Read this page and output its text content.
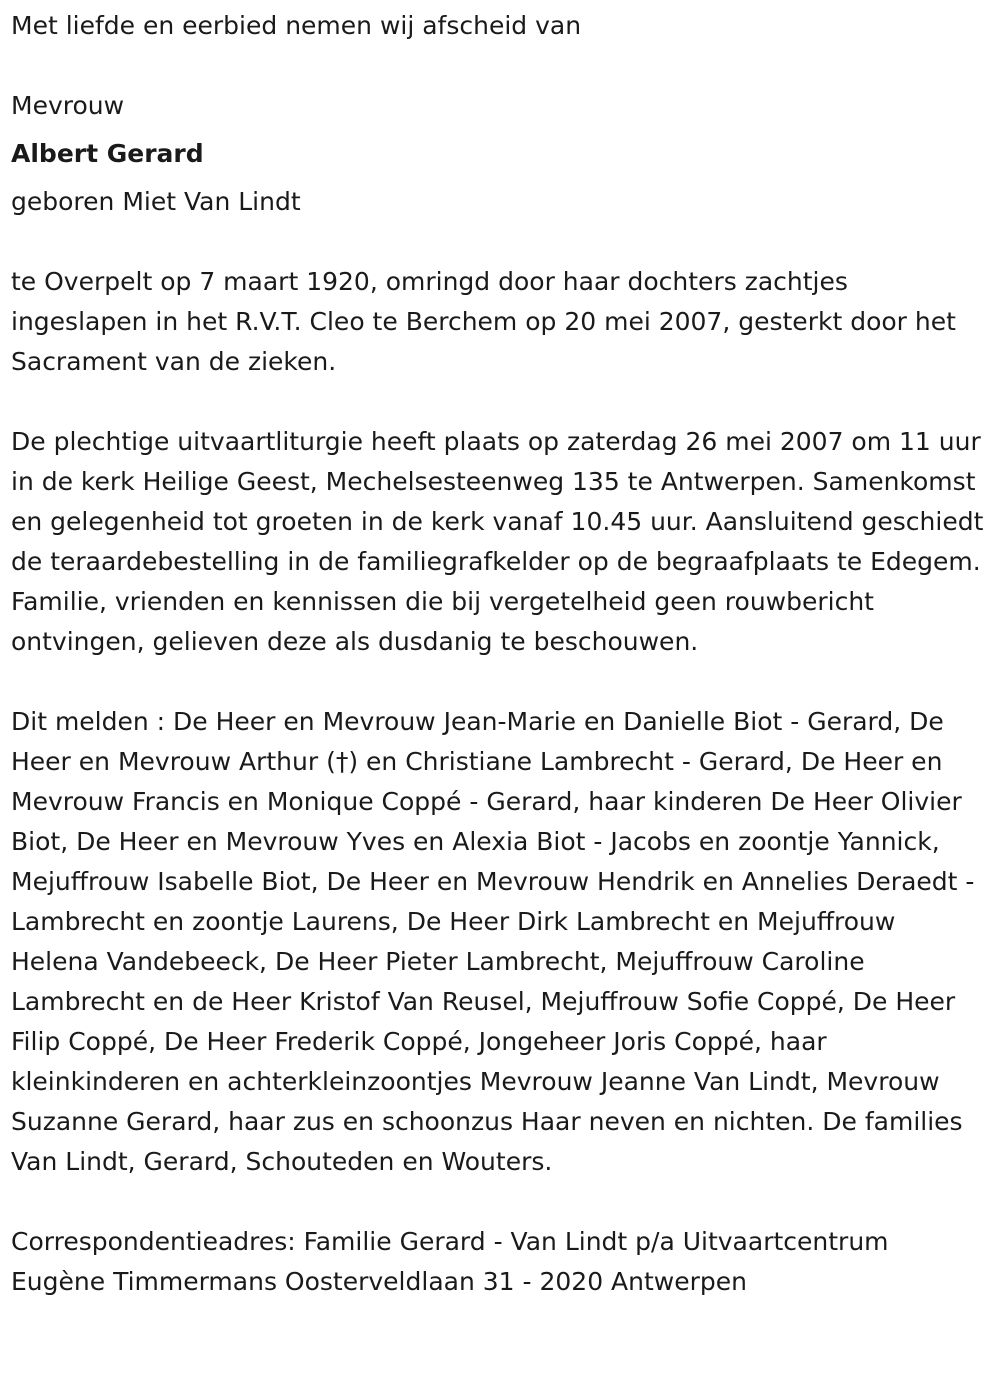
Met liefde en eerbied nemen wij afscheid van

Mevrouw

Albert Gerard

geboren Miet Van Lindt

te Overpelt op 7 maart 1920, omringd door haar dochters zachtjes ingeslapen in het R.V.T. Cleo te Berchem op 20 mei 2007, gesterkt door het Sacrament van de zieken.

De plechtige uitvaartliturgie heeft plaats op zaterdag 26 mei 2007 om 11 uur in de kerk Heilige Geest, Mechelsesteenweg 135 te Antwerpen. Samenkomst en gelegenheid tot groeten in de kerk vanaf 10.45 uur. Aansluitend geschiedt de teraardebestelling in de familiegrafkelder op de begraafplaats te Edegem. Familie, vrienden en kennissen die bij vergetelheid geen rouwbericht ontvingen, gelieven deze als dusdanig te beschouwen.

Dit melden : De Heer en Mevrouw Jean-Marie en Danielle Biot - Gerard, De Heer en Mevrouw Arthur (†) en Christiane Lambrecht - Gerard, De Heer en Mevrouw Francis en Monique Coppé - Gerard, haar kinderen De Heer Olivier Biot, De Heer en Mevrouw Yves en Alexia Biot - Jacobs en zoontje Yannick, Mejuffrouw Isabelle Biot, De Heer en Mevrouw Hendrik en Annelies Deraedt - Lambrecht en zoontje Laurens, De Heer Dirk Lambrecht en Mejuffrouw Helena Vandebeeck, De Heer Pieter Lambrecht, Mejuffrouw Caroline Lambrecht en de Heer Kristof Van Reusel, Mejuffrouw Sofie Coppé, De Heer Filip Coppé, De Heer Frederik Coppé, Jongeheer Joris Coppé, haar kleinkinderen en achterkleinzoontjes Mevrouw Jeanne Van Lindt, Mevrouw Suzanne Gerard, haar zus en schoonzus Haar neven en nichten. De families Van Lindt, Gerard, Schouteden en Wouters.

Correspondentieadres: Familie Gerard - Van Lindt p/a Uitvaartcentrum Eugène Timmermans Oosterveldlaan 31 - 2020 Antwerpen
